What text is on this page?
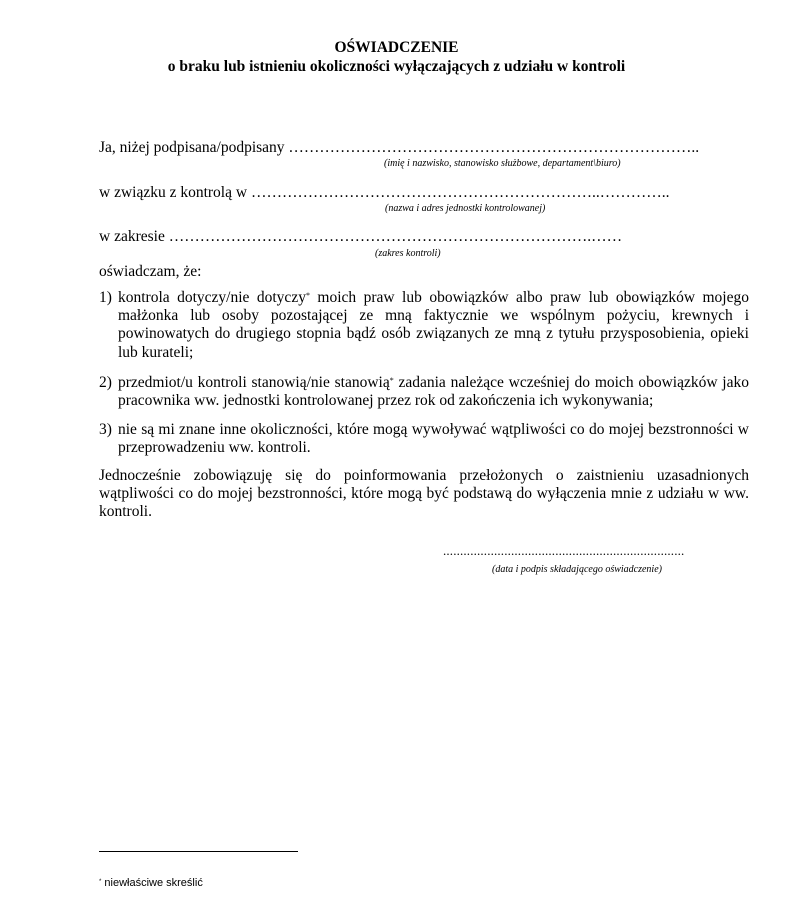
OŚWIADCZENIE
o braku lub istnieniu okoliczności wyłączających z udziału w kontroli
Ja, niżej podpisana/podpisany ……………………………………………………………………..
(imię i nazwisko, stanowisko służbowe, departament\biuro)
w związku z kontrolą w …………………………………………………………..…………..
(nazwa i adres jednostki kontrolowanej)
w zakresie ……………………………………………………………………….……
(zakres kontroli)
oświadczam, że:
1) kontrola dotyczy/nie dotyczy* moich praw lub obowiązków albo praw lub obowiązków mojego małżonka lub osoby pozostającej ze mną faktycznie we wspólnym pożyciu, krewnych i powinowatych do drugiego stopnia bądź osób związanych ze mną z tytułu przysposobienia, opieki lub kurateli;
2) przedmiot/u kontroli stanowią/nie stanowią* zadania należące wcześniej do moich obowiązków jako pracownika ww. jednostki kontrolowanej przez rok od zakończenia ich wykonywania;
3) nie są mi znane inne okoliczności, które mogą wywoływać wątpliwości co do mojej bezstronności w przeprowadzeniu ww. kontroli.
Jednocześnie zobowiązuję się do poinformowania przełożonych o zaistnieniu uzasadnionych wątpliwości co do mojej bezstronności, które mogą być podstawą do wyłączenia mnie z udziału w ww. kontroli.
.......................................................................
(data i podpis składającego oświadczenie)
* niewłaściwe skreślić
